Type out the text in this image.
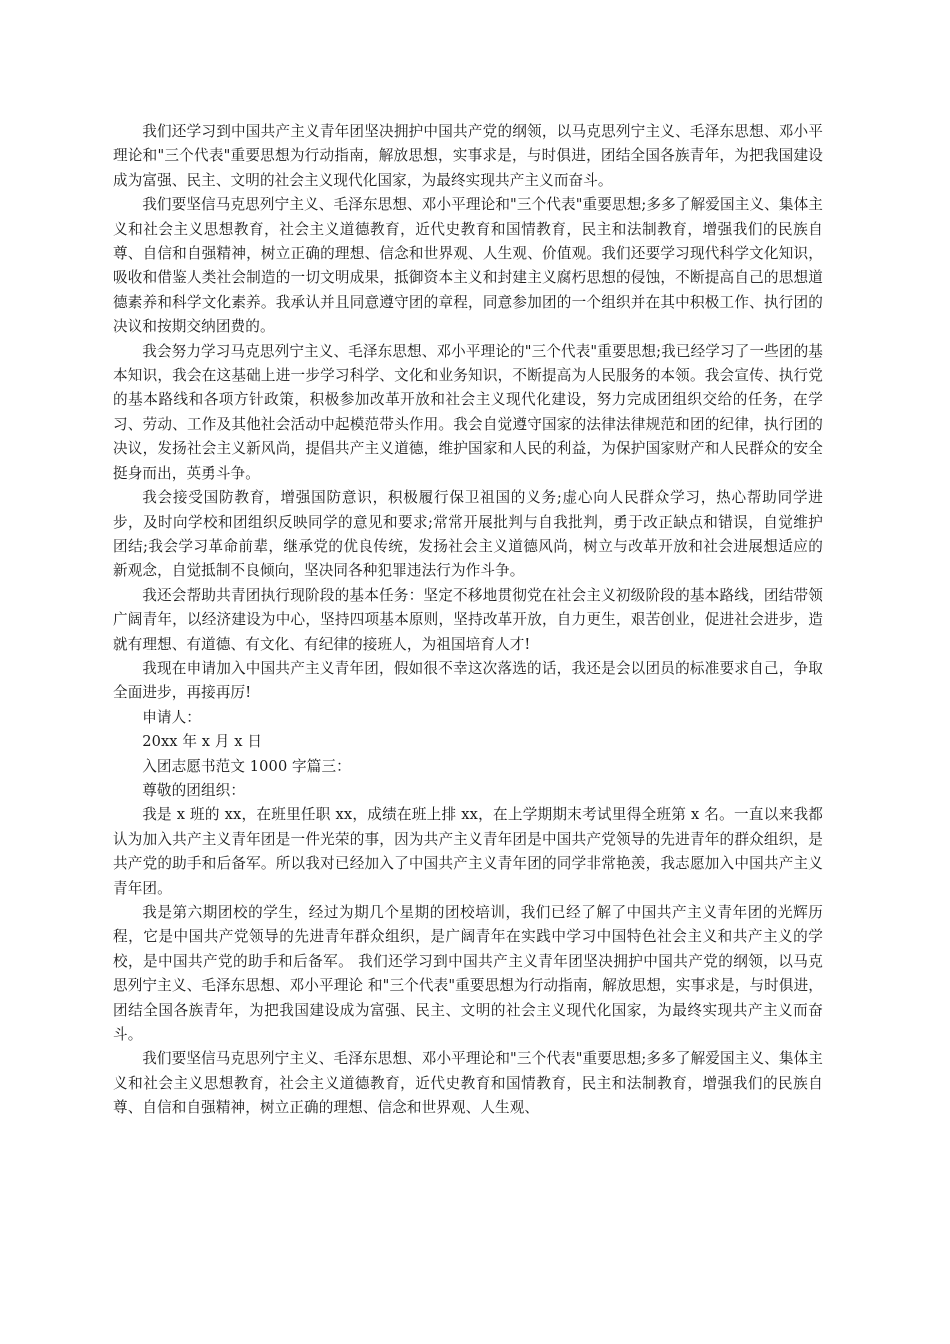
我们还学习到中国共产主义青年团坚决拥护中国共产党的纲领，以马克思列宁主义、毛泽东思想、邓小平理论和"三个代表"重要思想为行动指南，解放思想，实事求是，与时俱进，团结全国各族青年，为把我国建设成为富强、民主、文明的社会主义现代化国家，为最终实现共产主义而奋斗。

我们要坚信马克思列宁主义、毛泽东思想、邓小平理论和"三个代表"重要思想;多多了解爱国主义、集体主义和社会主义思想教育，社会主义道德教育，近代史教育和国情教育，民主和法制教育，增强我们的民族自尊、自信和自强精神，树立正确的理想、信念和世界观、人生观、价值观。我们还要学习现代科学文化知识，吸收和借鉴人类社会制造的一切文明成果，抵御资本主义和封建主义腐朽思想的侵蚀，不断提高自己的思想道德素养和科学文化素养。我承认并且同意遵守团的章程，同意参加团的一个组织并在其中积极工作、执行团的决议和按期交纳团费的。

我会努力学习马克思列宁主义、毛泽东思想、邓小平理论的"三个代表"重要思想;我已经学习了一些团的基本知识，我会在这基础上进一步学习科学、文化和业务知识，不断提高为人民服务的本领。我会宣传、执行党的基本路线和各项方针政策，积极参加改革开放和社会主义现代化建设，努力完成团组织交给的任务，在学习、劳动、工作及其他社会活动中起模范带头作用。我会自觉遵守国家的法律法律规范和团的纪律，执行团的决议，发扬社会主义新风尚，提倡共产主义道德，维护国家和人民的利益，为保护国家财产和人民群众的安全挺身而出，英勇斗争。

我会接受国防教育，增强国防意识，积极履行保卫祖国的义务;虚心向人民群众学习，热心帮助同学进步，及时向学校和团组织反映同学的意见和要求;常常开展批判与自我批判，勇于改正缺点和错误，自觉维护团结;我会学习革命前辈，继承党的优良传统，发扬社会主义道德风尚，树立与改革开放和社会进展想适应的新观念，自觉抵制不良倾向，坚决同各种犯罪违法行为作斗争。

我还会帮助共青团执行现阶段的基本任务：坚定不移地贯彻党在社会主义初级阶段的基本路线，团结带领广阔青年，以经济建设为中心，坚持四项基本原则，坚持改革开放，自力更生，艰苦创业，促进社会进步，造就有理想、有道德、有文化、有纪律的接班人，为祖国培育人才!

我现在申请加入中国共产主义青年团，假如很不幸这次落选的话，我还是会以团员的标准要求自己，争取全面进步，再接再厉!

申请人：

20xx 年 x 月 x 日

入团志愿书范文 1000 字篇三：

尊敬的团组织：

我是 x 班的 xx，在班里任职 xx，成绩在班上排 xx，在上学期期末考试里得全班第 x 名。一直以来我都认为加入共产主义青年团是一件光荣的事，因为共产主义青年团是中国共产党领导的先进青年的群众组织，是共产党的助手和后备军。所以我对已经加入了中国共产主义青年团的同学非常艳羡，我志愿加入中国共产主义青年团。

我是第六期团校的学生，经过为期几个星期的团校培训，我们已经了解了中国共产主义青年团的光辉历程，它是中国共产党领导的先进青年群众组织，是广阔青年在实践中学习中国特色社会主义和共产主义的学校，是中国共产党的助手和后备军。 我们还学习到中国共产主义青年团坚决拥护中国共产党的纲领，以马克思列宁主义、毛泽东思想、邓小平理论 和"三个代表"重要思想为行动指南，解放思想，实事求是，与时俱进，团结全国各族青年，为把我国建设成为富强、民主、文明的社会主义现代化国家，为最终实现共产主义而奋斗。

我们要坚信马克思列宁主义、毛泽东思想、邓小平理论和"三个代表"重要思想;多多了解爱国主义、集体主义和社会主义思想教育，社会主义道德教育，近代史教育和国情教育，民主和法制教育，增强我们的民族自尊、自信和自强精神，树立正确的理想、信念和世界观、人生观、
